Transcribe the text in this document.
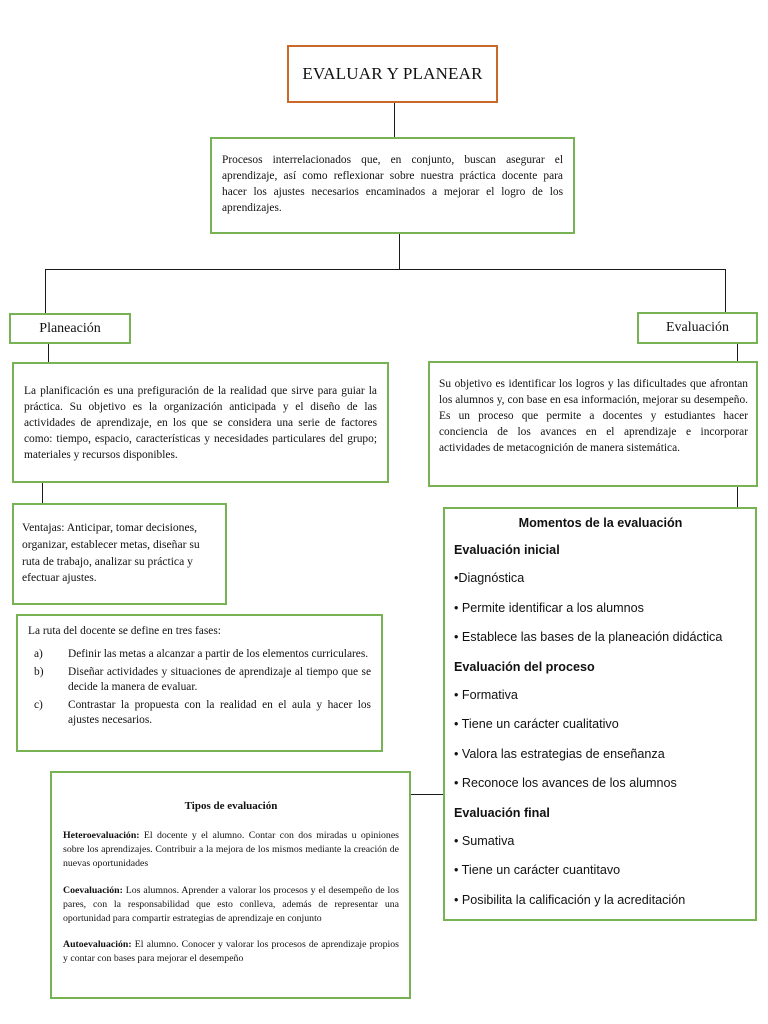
EVALUAR Y PLANEAR
Procesos interrelacionados que, en conjunto, buscan asegurar el aprendizaje, así como reflexionar sobre nuestra práctica docente para hacer los ajustes necesarios encaminados a mejorar el logro de los aprendizajes.
Planeación
La planificación es una prefiguración de la realidad que sirve para guiar la práctica. Su objetivo es la organización anticipada y el diseño de las actividades de aprendizaje, en los que se considera una serie de factores como: tiempo, espacio, características y necesidades particulares del grupo; materiales y recursos disponibles.
Ventajas: Anticipar, tomar decisiones, organizar, establecer metas, diseñar su ruta de trabajo, analizar su práctica y efectuar ajustes.
La ruta del docente se define en tres fases:
a)	Definir las metas a alcanzar a partir de los elementos curriculares.
b)	Diseñar actividades y situaciones de aprendizaje al tiempo que se decide la manera de evaluar.
c)	Contrastar la propuesta con la realidad en el aula y hacer los ajustes necesarios.
Evaluación
Su objetivo es identificar los logros y las dificultades que afrontan los alumnos y, con base en esa información, mejorar su desempeño. Es un proceso que permite a docentes y estudiantes hacer conciencia de los avances en el aprendizaje e incorporar actividades de metacognición de manera sistemática.
Momentos de la evaluación
Evaluación inicial
•Diagnóstica
• Permite identificar a los alumnos
• Establece las bases de la planeación didáctica
Evaluación del proceso
• Formativa
• Tiene un carácter cualitativo
• Valora las estrategias de enseñanza
• Reconoce los avances de los alumnos
Evaluación final
• Sumativa
• Tiene un carácter cuantitavo
• Posibilita la calificación y la acreditación
Tipos de evaluación

Heteroevaluación: El docente y el alumno. Contar con dos miradas u opiniones sobre los aprendizajes. Contribuir a la mejora de los mismos mediante la creación de nuevas oportunidades

Coevaluación: Los alumnos. Aprender a valorar los procesos y el desempeño de los pares, con la responsabilidad que esto conlleva, además de representar una oportunidad para compartir estrategias de aprendizaje en conjunto

Autoevaluación: El alumno. Conocer y valorar los procesos de aprendizaje propios y contar con bases para mejorar el desempeño
